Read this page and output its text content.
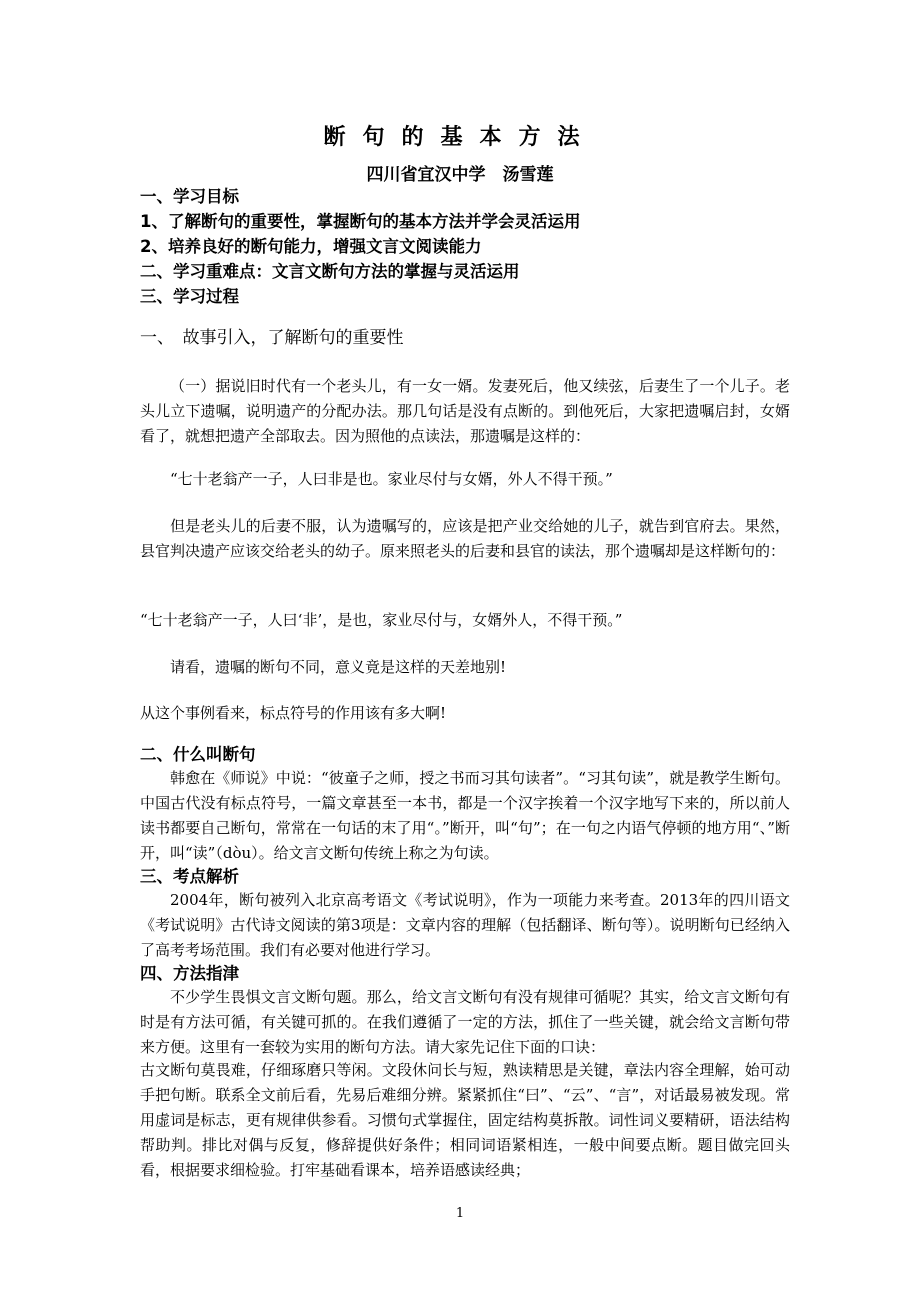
断句的基本方法
四川省宜汉中学　汤雪莲
一、学习目标
1、了解断句的重要性，掌握断句的基本方法并学会灵活运用
2、培养良好的断句能力，增强文言文阅读能力
二、学习重难点：文言文断句方法的掌握与灵活运用
三、学习过程
一、　故事引入，了解断句的重要性

（一）据说旧时代有一个老头儿，有一女一婿。发妻死后，他又续弦，后妻生了一个儿子。老头儿立下遗嘱，说明遗产的分配办法。那几句话是没有点断的。到他死后，大家把遗嘱启封，女婿看了，就想把遗产全部取去。因为照他的点读法，那遗嘱是这样的：

“七十老翁产一子，人曰非是也。家业尽付与女婿，外人不得干预。”

但是老头儿的后妻不服，认为遗嘱写的，应该是把产业交给她的儿子，就告到官府去。果然，县官判决遗产应该交给老头的幼子。原来照老头的后妻和县官的读法，那个遗嘱却是这样断句的：

“七十老翁产一子，人曰‘非’，是也，家业尽付与，女婿外人，不得干预。”

请看，遗嘱的断句不同，意义竟是这样的天差地别!

从这个事例看来，标点符号的作用该有多大啊!

二、什么叫断句

韩愈在《师说》中说：“彼童子之师，授之书而习其句读者”。“习其句读”，就是教学生断句。中国古代没有标点符号，一篇文章甚至一本书，都是一个汉字挨着一个汉字地写下来的，所以前人读书都要自己断句，常常在一句话的末了用“。”断开，叫“句”；在一句之内语气停顿的地方用“、”断开，叫“读”（dòu）。给文言文断句传统上称之为句读。

三、考点解析

2004年，断句被列入北京高考语文《考试说明》，作为一项能力来考查。2013年的四川语文《考试说明》古代诗文阅读的第3项是：文章内容的理解（包括翻译、断句等）。说明断句已经纳入了高考考场范围。我们有必要对他进行学习。

四、方法指津

不少学生畏惧文言文断句题。那么，给文言文断句有没有规律可循呢？其实，给文言文断句有时是有方法可循，有关键可抓的。在我们遵循了一定的方法，抓住了一些关键，就会给文言断句带来方便。这里有一套较为实用的断句方法。请大家先记住下面的口诀：

古文断句莫畏难，仔细琢磨只等闲。文段休问长与短，熟读精思是关键，章法内容全理解，始可动手把句断。联系全文前后看，先易后难细分辨。紧紧抓住“曰”、“云”、“言”，对话最易被发现。常用虚词是标志，更有规律供参看。习惯句式掌握住，固定结构莫拆散。词性词义要精研，语法结构帮助判。排比对偶与反复，修辞提供好条件；相同词语紧相连，一般中间要点断。题目做完回头看，根据要求细检验。打牢基础看课本，培养语感读经典；

1
